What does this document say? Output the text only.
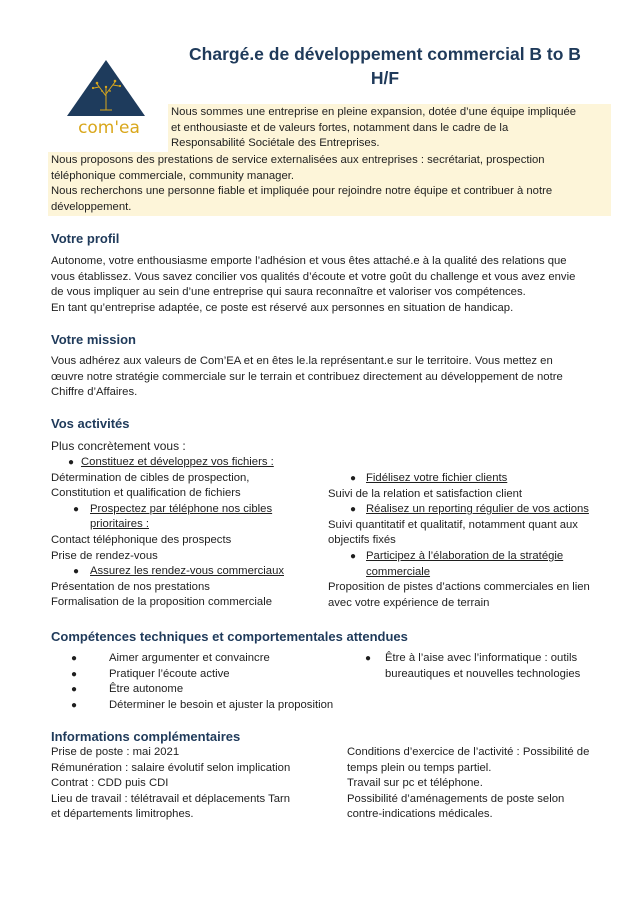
Chargé.e de développement commercial B to B
H/F
com'ea

Nous sommes une entreprise en pleine expansion, dotée d’une équipe impliquée

et enthousiaste et de valeurs fortes, notamment dans le cadre de la

Responsabilité Sociétale des Entreprises.

Nous proposons des prestations de service externalisées aux entreprises : secrétariat, prospection

téléphonique commerciale, community manager.

Nous recherchons une personne fiable et impliquée pour rejoindre notre équipe et contribuer à notre

développement.

Votre profil

Autonome, votre enthousiasme emporte l’adhésion et vous êtes attaché.e à la qualité des relations que

vous établissez. Vous savez concilier vos qualités d’écoute et votre goût du challenge et vous avez envie

de vous impliquer au sein d’une entreprise qui saura reconnaître et valoriser vos compétences.

En tant qu’entreprise adaptée, ce poste est réservé aux personnes en situation de handicap.

Votre mission

Vous adhérez aux valeurs de Com’EA et en êtes le.la représentant.e sur le territoire. Vous mettez en

œuvre notre stratégie commerciale sur le terrain et contribuez directement au développement de notre

Chiffre d’Affaires.

Vos activités
Plus concrètement vous :
● Constituez et développez vos fichiers :

Détermination de cibles de prospection,

Constitution et qualification de fichiers

● Prospectez par téléphone nos cibles
prioritaires :

Contact téléphonique des prospects

Prise de rendez-vous

● Assurez les rendez-vous commerciaux

Présentation de nos prestations

Formalisation de la proposition commerciale

● Fidélisez votre fichier clients

Suivi de la relation et satisfaction client

● Réalisez un reporting régulier de vos actions

Suivi quantitatif et qualitatif, notamment quant aux

objectifs fixés

● Participez à l’élaboration de la stratégie
commerciale

Proposition de pistes d’actions commerciales en lien

avec votre expérience de terrain

Compétences techniques et comportementales attendues
●	Aimer argumenter et convaincre
●	Pratiquer l’écoute active
●	Être autonome
●	Déterminer le besoin et ajuster la proposition
●	Être à l’aise avec l’informatique : outils
bureautiques et nouvelles technologies
Informations complémentaires

Prise de poste : mai 2021

Rémunération : salaire évolutif selon implication

Contrat : CDD puis CDI

Lieu de travail : télétravail et déplacements Tarn

et départements limitrophes.

Conditions d’exercice de l’activité : Possibilité de

temps plein ou temps partiel.

Travail sur pc et téléphone.

Possibilité d’aménagements de poste selon

contre-indications médicales.
